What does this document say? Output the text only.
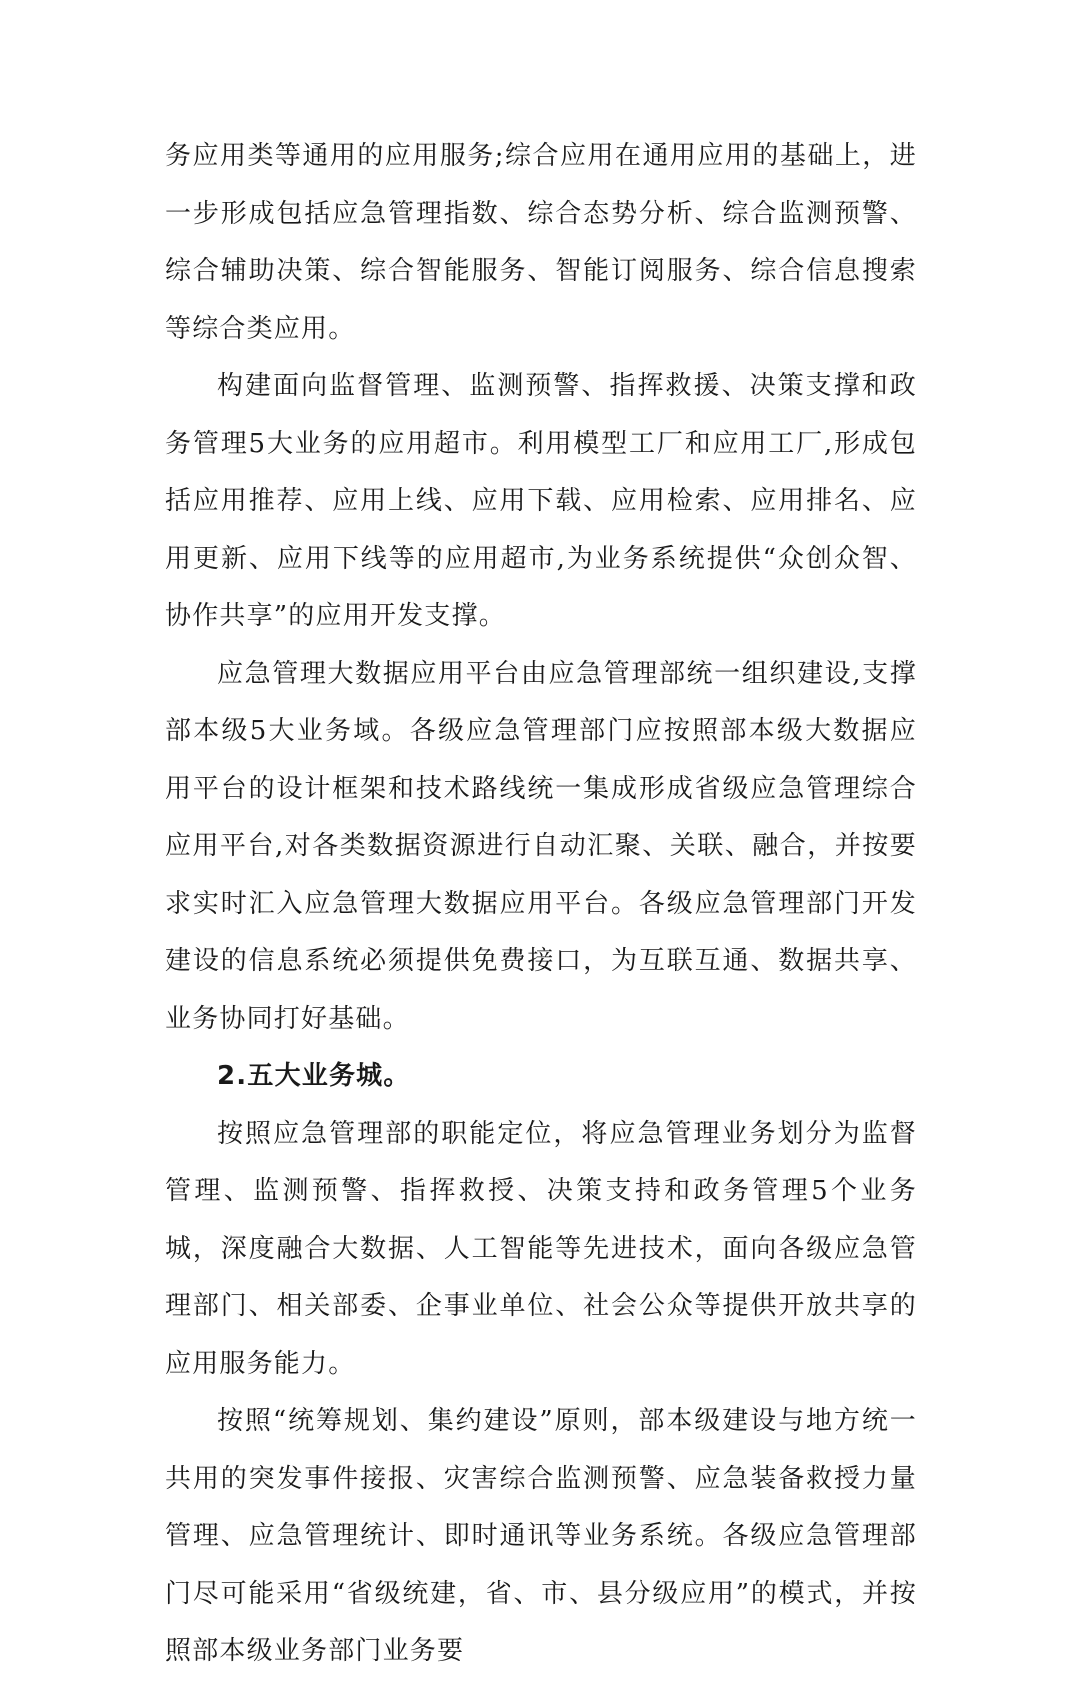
务应用类等通用的应用服务;综合应用在通用应用的基础上，进一步形成包括应急管理指数、综合态势分析、综合监测预警、综合辅助决策、综合智能服务、智能订阅服务、综合信息搜索等综合类应用。

构建面向监督管理、监测预警、指挥救援、决策支撑和政务管理5大业务的应用超市。利用模型工厂和应用工厂,形成包括应用推荐、应用上线、应用下载、应用检索、应用排名、应用更新、应用下线等的应用超市,为业务系统提供“众创众智、协作共享”的应用开发支撑。

应急管理大数据应用平台由应急管理部统一组织建设,支撑部本级5大业务域。各级应急管理部门应按照部本级大数据应用平台的设计框架和技术路线统一集成形成省级应急管理综合应用平台,对各类数据资源进行自动汇聚、关联、融合，并按要求实时汇入应急管理大数据应用平台。各级应急管理部门开发建设的信息系统必须提供免费接口，为互联互通、数据共享、业务协同打好基础。

2.五大业务城。

按照应急管理部的职能定位，将应急管理业务划分为监督管理、监测预警、指挥救授、决策支持和政务管理5个业务城，深度融合大数据、人工智能等先进技术，面向各级应急管理部门、相关部委、企事业单位、社会公众等提供开放共享的应用服务能力。

按照“统筹规划、集约建设”原则，部本级建设与地方统一共用的突发事件接报、灾害综合监测预警、应急装备救授力量管理、应急管理统计、即时通讯等业务系统。各级应急管理部门尽可能采用“省级统建，省、市、县分级应用”的模式，并按照部本级业务部门业务要
